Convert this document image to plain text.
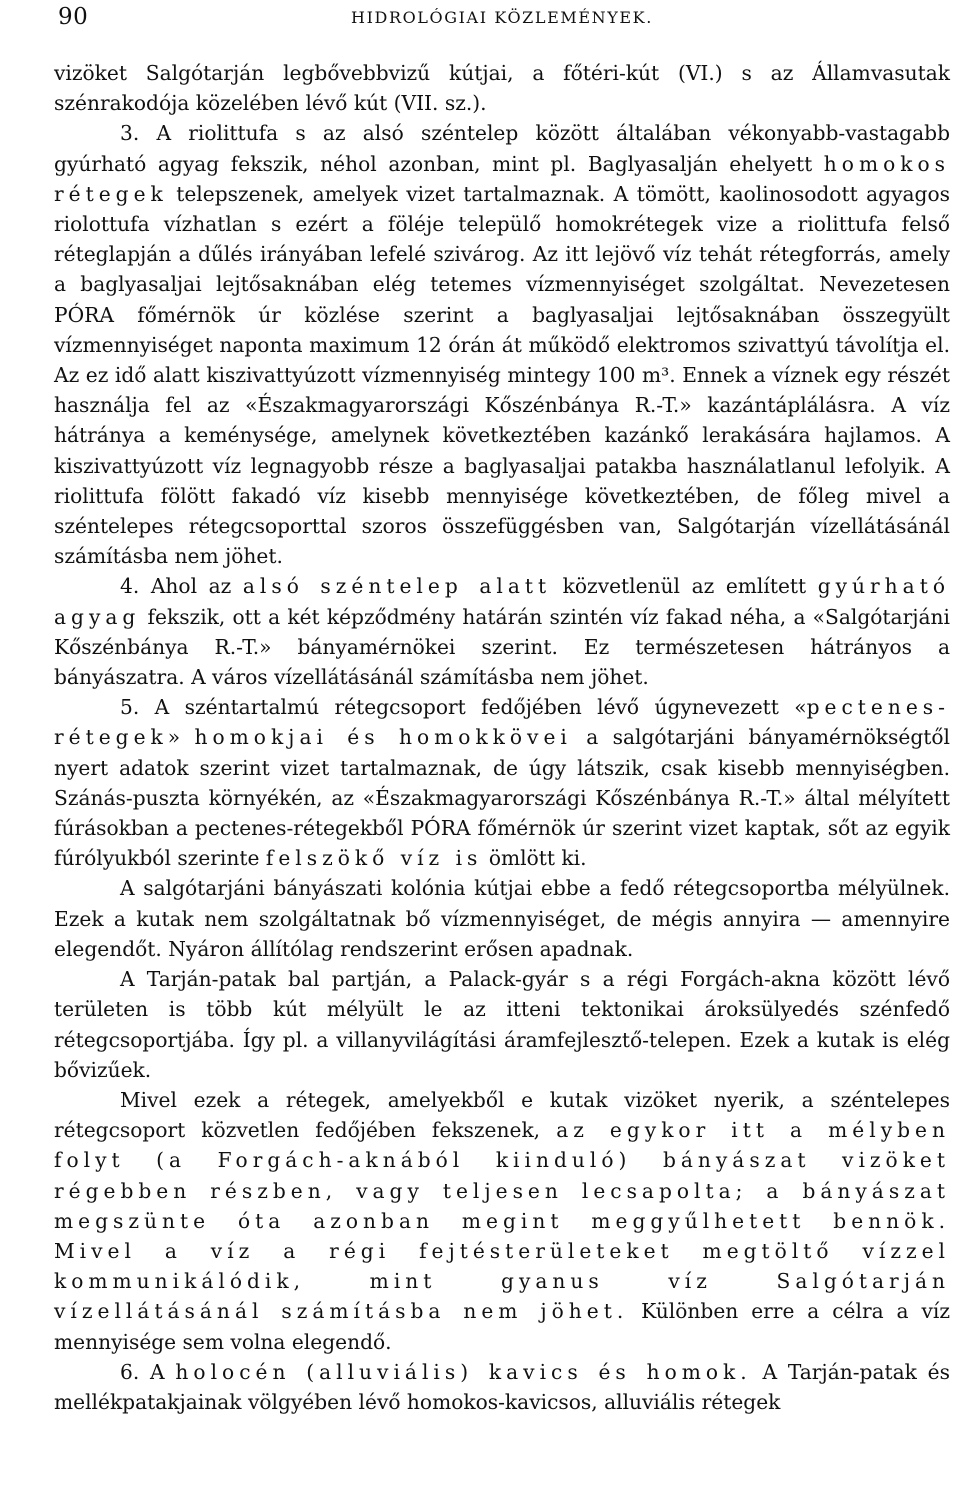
90	HIDROLÓGIAI KÖZLEMÉNYEK.

vizöket Salgótarján legbővebbvizű kútjai, a főtéri-kút (VI.) s az Államvasutak szénrakodója közelében lévő kút (VII. sz.).

3. A riolittufa s az alsó széntelep között általában vékonyabb-vastagabb gyúrható agyag fekszik, néhol azonban, mint pl. Baglyasalján ehelyett homokos rétegek telepszenek, amelyek vizet tartalmaznak. A tömött, kaolinosodott agyagos riolottufa vízhatlan s ezért a föléje települő homokrétegek vize a riolittufa felső réteglapján a dűlés irányában lefelé szivárog. Az itt lejövő víz tehát rétegforrás, amely a baglyasaljai lejtősaknában elég tetemes vízmennyiséget szolgáltat. Nevezetesen PÓRA főmérnök úr közlése szerint a baglyasaljai lejtősaknában összegyült vízmennyiséget naponta maximum 12 órán át működő elektromos szivattyú távolítja el. Az ez idő alatt kiszivattyúzott vízmennyiség mintegy 100 m³. Ennek a víznek egy részét használja fel az «Északmagyarországi Kőszénbánya R.-T.» kazántáplálásra. A víz hátránya a keménysége, amelynek következtében kazánkő lerakására hajlamos. A kiszivattyúzott víz legnagyobb része a baglyasaljai patakba használatlanul lefolyik. A riolittufa fölött fakadó víz kisebb mennyisége következtében, de főleg mivel a széntelepes rétegcsoporttal szoros összefüggésben van, Salgótarján vízellátásánál számításba nem jöhet.

4. Ahol az alsó széntelep alatt közvetlenül az említett gyúrható agyag fekszik, ott a két képződmény határán szintén víz fakad néha, a «Salgótarjáni Kőszénbánya R.-T.» bányamérnökei szerint. Ez természetesen hátrányos a bányászatra. A város vízellátásánál számításba nem jöhet.

5. A széntartalmú rétegcsoport fedőjében lévő úgynevezett «pectenes-rétegek» homokjai és homokkövei a salgótarjáni bányamérnökségtől nyert adatok szerint vizet tartalmaznak, de úgy látszik, csak kisebb mennyiségben. Szánás-puszta környékén, az «Északmagyarországi Kőszénbánya R.-T.» által mélyített fúrásokban a pectenes-rétegekből PÓRA főmérnök úr szerint vizet kaptak, sőt az egyik fúrólyukból szerinte felszökő víz is ömlött ki.

A salgótarjáni bányászati kolónia kútjai ebbe a fedő rétegcsoportba mélyülnek. Ezek a kutak nem szolgáltatnak bő vízmennyiséget, de mégis annyira — amennyire elegendőt. Nyáron állítólag rendszerint erősen apadnak.

A Tarján-patak bal partján, a Palack-gyár s a régi Forgách-akna között lévő területen is több kút mélyült le az itteni tektonikai ároksülyedés szénfedő rétegcsoportjába. Így pl. a villanyvilágítási áramfejlesztő-telepen. Ezek a kutak is elég bővizűek.

Mivel ezek a rétegek, amelyekből e kutak vizöket nyerik, a széntelepes rétegcsoport közvetlen fedőjében fekszenek, az egykor itt a mélyben folyt (a Forgách-aknából kiinduló) bányászat vizöket régebben részben, vagy teljesen lecsapolta; a bányászat megszünte óta azonban megint meggyűlhetett bennök. Mivel a víz a régi fejtésterületeket megtöltő vízzel kommunikálódik, mint gyanus víz Salgótarján vízellátásánál számításba nem jöhet. Különben erre a célra a víz mennyisége sem volna elegendő.

6. A holocén (alluviális) kavics és homok. A Tarján-patak és mellékpatakjainak völgyében lévő homokos-kavicsos, alluviális rétegek
